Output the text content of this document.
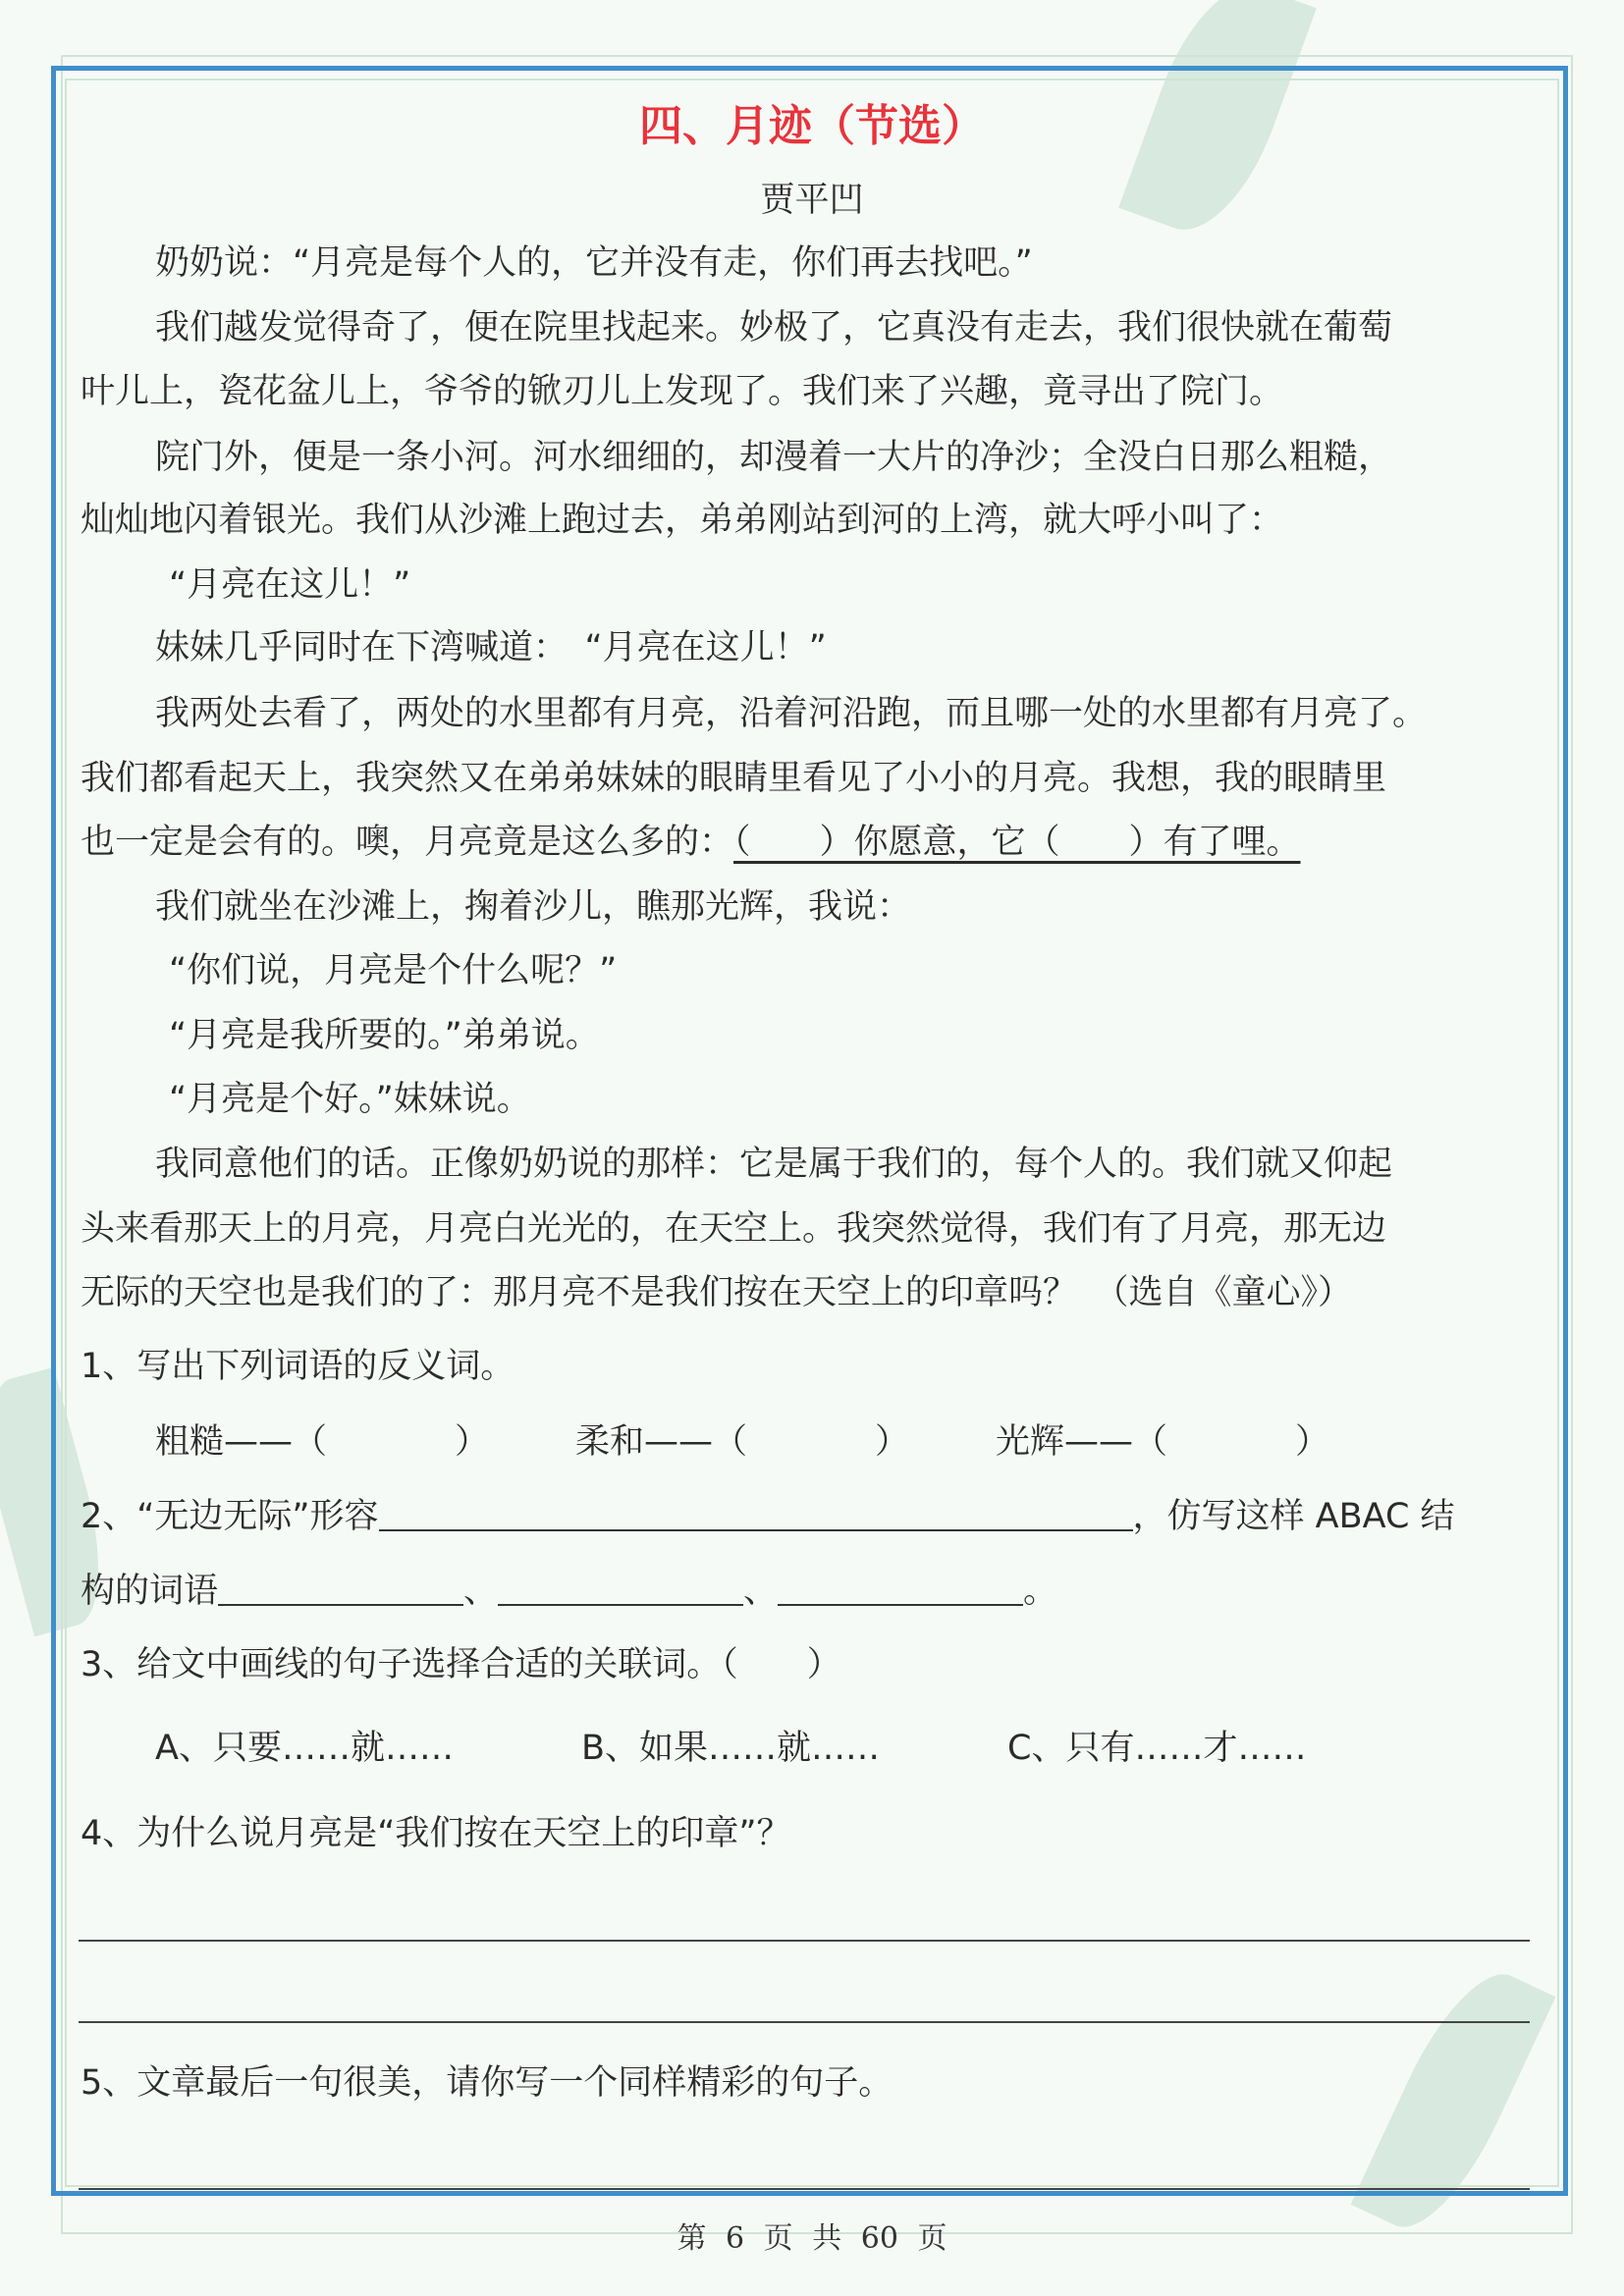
四、月迹（节选）
贾平凹
奶奶说：“月亮是每个人的，它并没有走，你们再去找吧。”
我们越发觉得奇了，便在院里找起来。妙极了，它真没有走去，我们很快就在葡萄
叶儿上，瓷花盆儿上，爷爷的锨刃儿上发现了。我们来了兴趣，竟寻出了院门。
院门外，便是一条小河。河水细细的，却漫着一大片的净沙；全没白日那么粗糙，
灿灿地闪着银光。我们从沙滩上跑过去，弟弟刚站到河的上湾，就大呼小叫了：
“月亮在这儿！”
妹妹几乎同时在下湾喊道：　“月亮在这儿！”
我两处去看了，两处的水里都有月亮，沿着河沿跑，而且哪一处的水里都有月亮了。
我们都看起天上，我突然又在弟弟妹妹的眼睛里看见了小小的月亮。我想，我的眼睛里
也一定是会有的。噢，月亮竟是这么多的：（　　）你愿意，它（　　）有了哩。
我们就坐在沙滩上，掬着沙儿，瞧那光辉，我说：
“你们说，月亮是个什么呢？”
“月亮是我所要的。”弟弟说。
“月亮是个好。”妹妹说。
我同意他们的话。正像奶奶说的那样：它是属于我们的，每个人的。我们就又仰起
头来看那天上的月亮，月亮白光光的，在天空上。我突然觉得，我们有了月亮，那无边
无际的天空也是我们的了：那月亮不是我们按在天空上的印章吗？　（选自《童心》）
1、写出下列词语的反义词。
粗糙——（	）	柔和——（	）	光辉——（	）
2、“无边无际”形容	，仿写这样 ABAC 结
构的词语	、	、	。
3、给文中画线的句子选择合适的关联词。（　　）
A、只要……就……	B、如果……就……	C、只有……才……
4、为什么说月亮是“我们按在天空上的印章”？
5、文章最后一句很美，请你写一个同样精彩的句子。
第 6 页 共 60 页
